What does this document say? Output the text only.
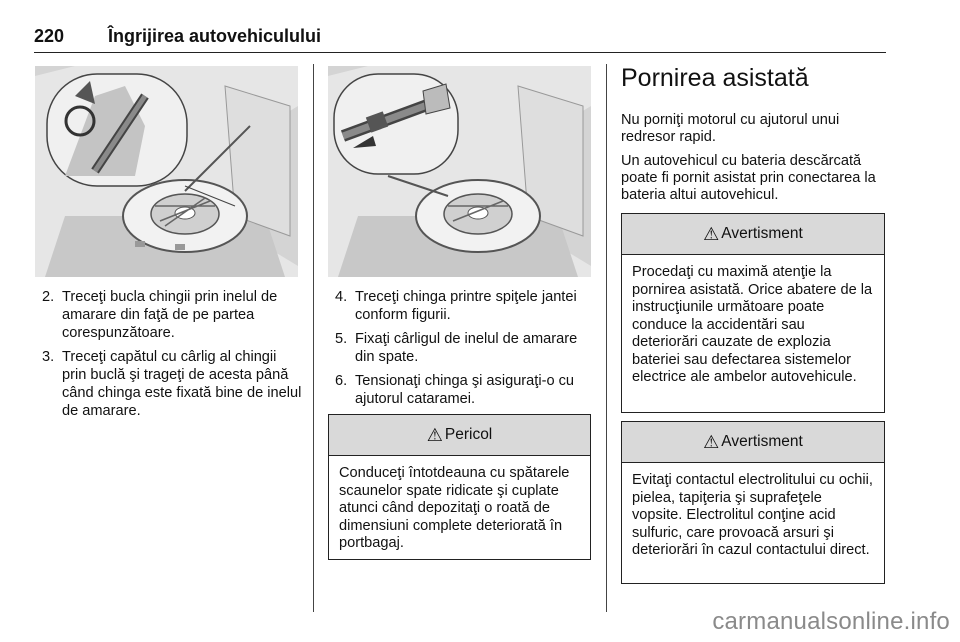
220 Îngrijirea autovehiculului
2. Treceţi bucla chingii prin inelul de amarare din faţă de pe partea corespunzătoare.
3. Treceţi capătul cu cârlig al chingii prin buclă şi trageţi de acesta până când chinga este fixată bine de inelul de amarare.
4. Treceţi chinga printre spiţele jantei conform figurii.
5. Fixaţi cârligul de inelul de amarare din spate.
6. Tensionaţi chinga şi asiguraţi-o cu ajutorul cataramei.
⚠ Pericol
Conduceţi întotdeauna cu spătarele scaunelor spate ridicate şi cuplate atunci când depozitaţi o roată de dimensiuni complete deteriorată în portbagaj.
Pornirea asistată

Nu porniţi motorul cu ajutorul unui redresor rapid.

Un autovehicul cu bateria descărcată poate fi pornit asistat prin conectarea la bateria altui autovehicul.

⚠ Avertisment
Procedaţi cu maximă atenţie la pornirea asistată. Orice abatere de la instrucţiunile următoare poate conduce la accidentări sau deteriorări cauzate de explozia bateriei sau defectarea sistemelor electrice ale ambelor autovehicule.
⚠ Avertisment
Evitaţi contactul electrolitului cu ochii, pielea, tapiţeria şi suprafeţele vopsite. Electrolitul conţine acid sulfuric, care provoacă arsuri şi deteriorări în cazul contactului direct.
carmanualsonline.info
